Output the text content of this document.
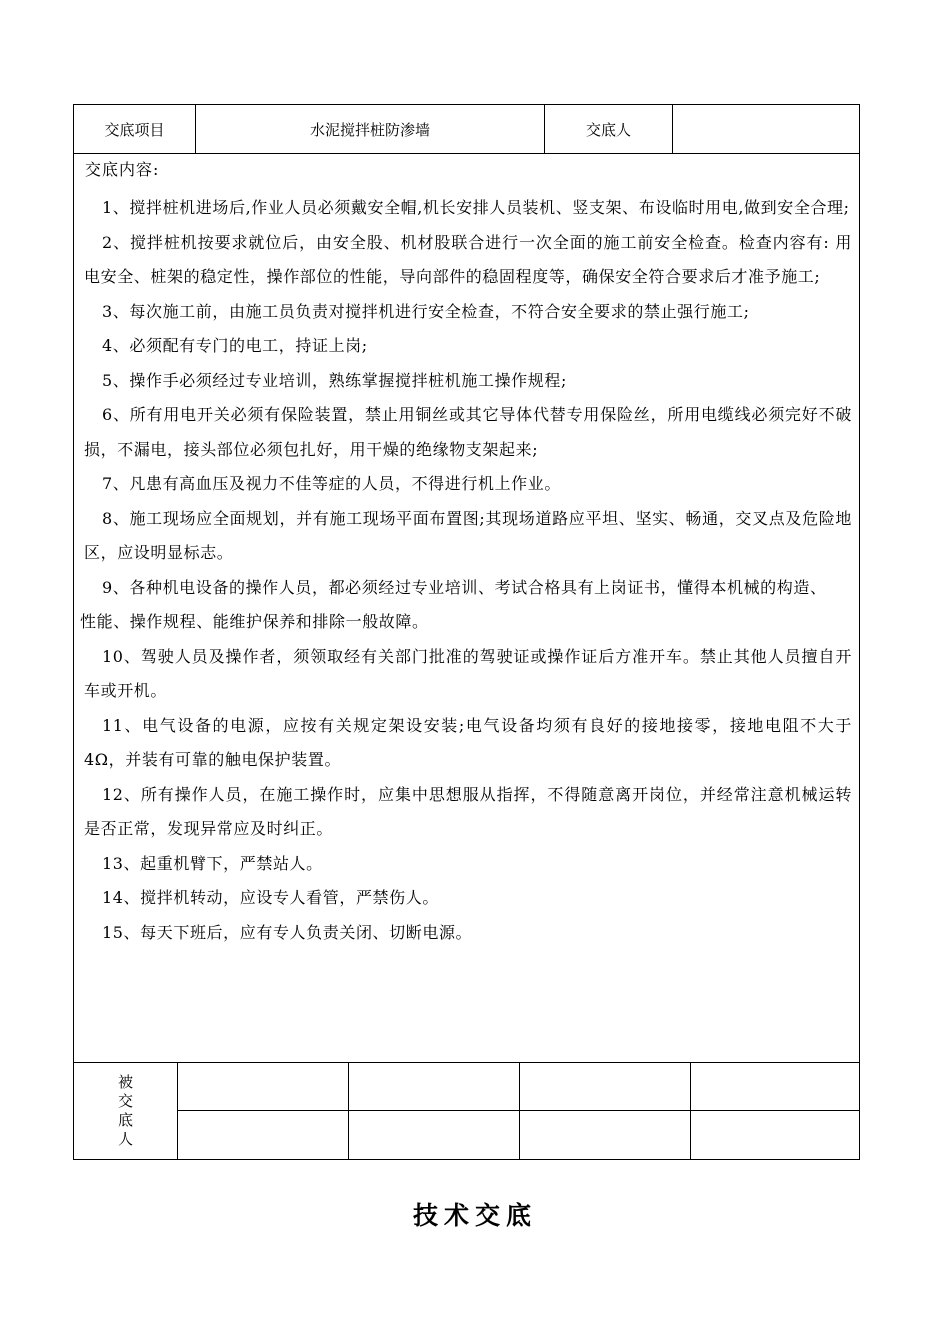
交底项目	水泥搅拌桩防渗墙	交底人
交底内容:

1、搅拌桩机进场后,作业人员必须戴安全帽,机长安排人员装机、竖支架、布设临时用电,做到安全合理;

2、搅拌桩机按要求就位后，由安全股、机材股联合进行一次全面的施工前安全检查。检查内容有: 用电安全、桩架的稳定性，操作部位的性能，导向部件的稳固程度等，确保安全符合要求后才准予施工;

3、每次施工前，由施工员负责对搅拌机进行安全检查，不符合安全要求的禁止强行施工;

4、必须配有专门的电工，持证上岗;

5、操作手必须经过专业培训，熟练掌握搅拌桩机施工操作规程;

6、所有用电开关必须有保险装置，禁止用铜丝或其它导体代替专用保险丝，所用电缆线必须完好不破损，不漏电，接头部位必须包扎好，用干燥的绝缘物支架起来;

7、凡患有高血压及视力不佳等症的人员，不得进行机上作业。

8、施工现场应全面规划，并有施工现场平面布置图;其现场道路应平坦、坚实、畅通，交叉点及危险地区，应设明显标志。

9、各种机电设备的操作人员，都必须经过专业培训、考试合格具有上岗证书，懂得本机械的构造、
性能、操作规程、能维护保养和排除一般故障。

10、驾驶人员及操作者，须领取经有关部门批准的驾驶证或操作证后方准开车。禁止其他人员擅自开车或开机。

11、电气设备的电源，应按有关规定架设安装;电气设备均须有良好的接地接零，接地电阻不大于　4Ω，并装有可靠的触电保护装置。

12、所有操作人员，在施工操作时，应集中思想服从指挥，不得随意离开岗位，并经常注意机械运转是否正常，发现异常应及时纠正。

13、起重机臂下，严禁站人。

14、搅拌机转动，应设专人看管，严禁伤人。

15、每天下班后，应有专人负责关闭、切断电源。

被
交
底
人
技术交底
